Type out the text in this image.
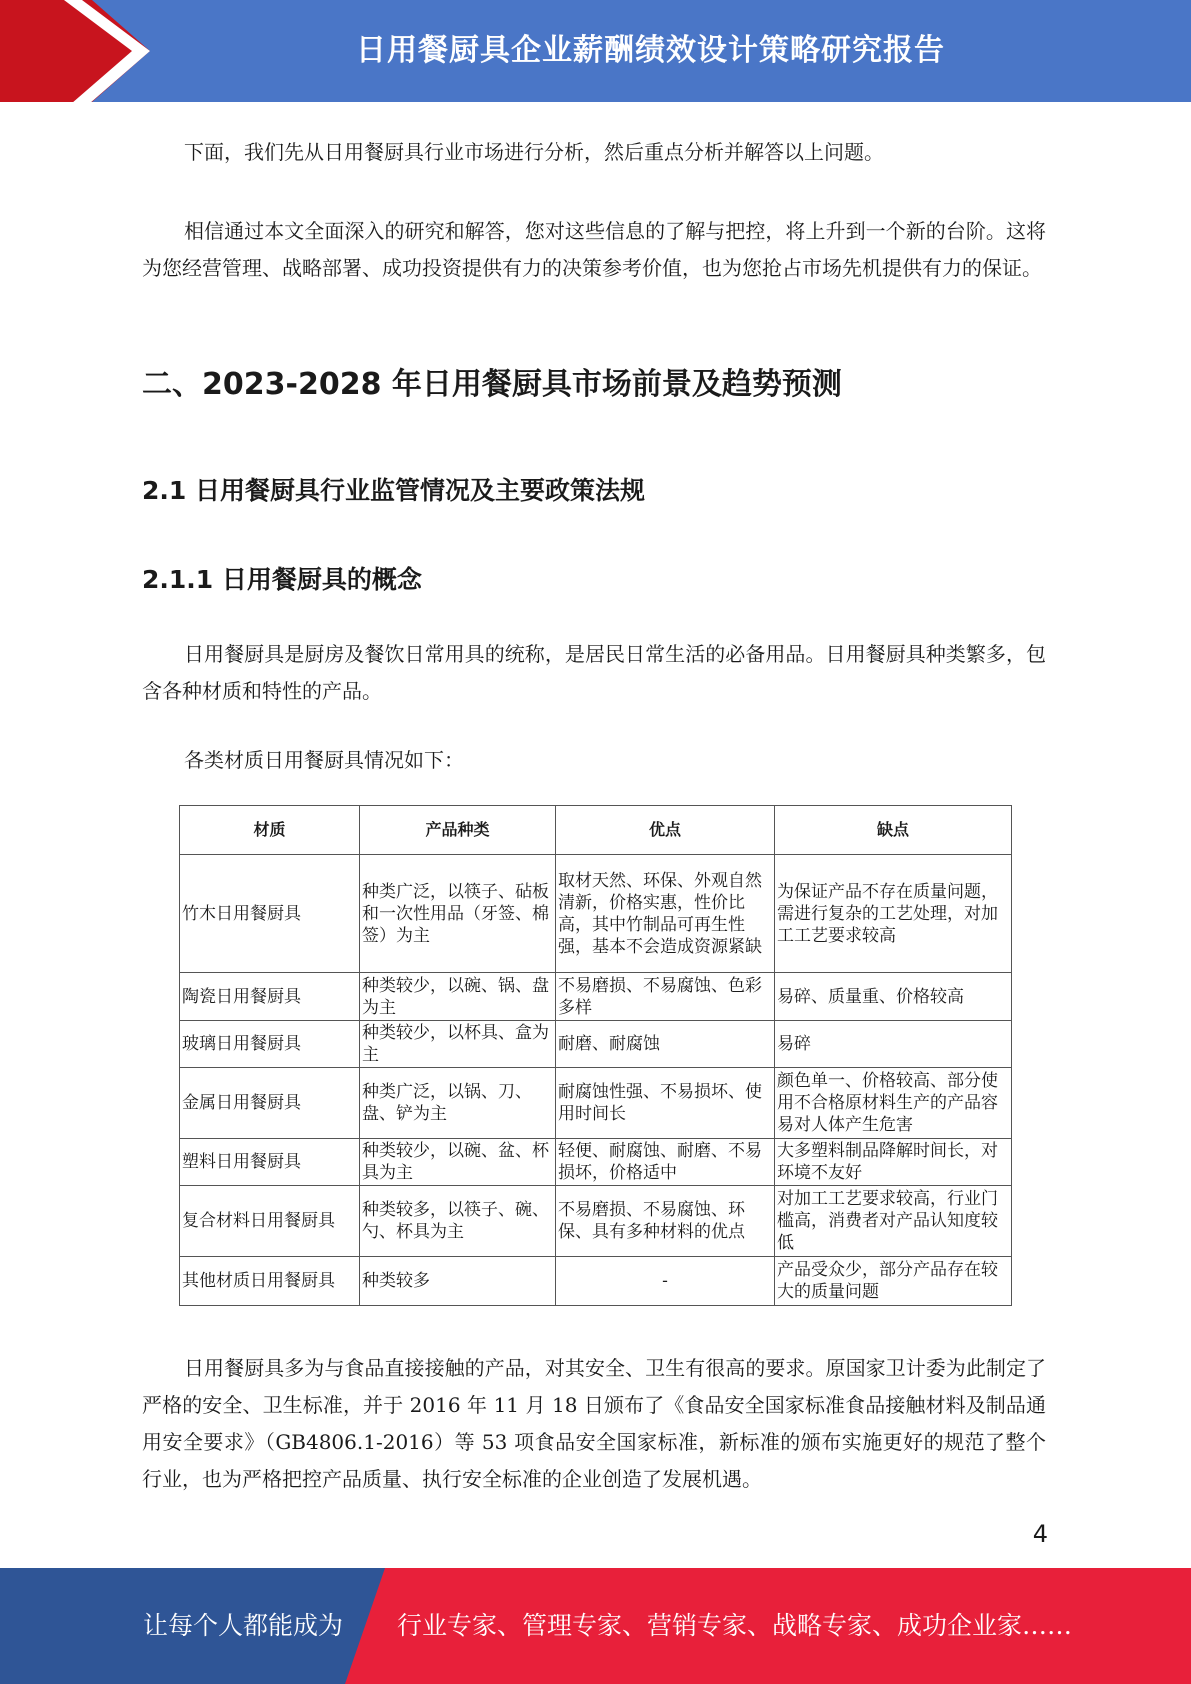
日用餐厨具企业薪酬绩效设计策略研究报告

下面，我们先从日用餐厨具行业市场进行分析，然后重点分析并解答以上问题。

相信通过本文全面深入的研究和解答，您对这些信息的了解与把控，将上升到一个新的台阶。这将为您经营管理、战略部署、成功投资提供有力的决策参考价值，也为您抢占市场先机提供有力的保证。

二、2023-2028 年日用餐厨具市场前景及趋势预测
2.1 日用餐厨具行业监管情况及主要政策法规
2.1.1 日用餐厨具的概念

日用餐厨具是厨房及餐饮日常用具的统称，是居民日常生活的必备用品。日用餐厨具种类繁多，包含各种材质和特性的产品。

各类材质日用餐厨具情况如下：

日用餐厨具多为与食品直接接触的产品，对其安全、卫生有很高的要求。原国家卫计委为此制定了严格的安全、卫生标准，并于 2016 年 11 月 18 日颁布了《食品安全国家标准食品接触材料及制品通用安全要求》（GB4806.1-2016）等 53 项食品安全国家标准，新标准的颁布实施更好的规范了整个行业，也为严格把控产品质量、执行安全标准的企业创造了发展机遇。

材质	产品种类	优点	缺点
竹木日用餐厨具	种类广泛，以筷子、砧板和一次性用品（牙签、棉签）为主	取材天然、环保、外观自然清新，价格实惠，性价比高，其中竹制品可再生性强，基本不会造成资源紧缺	为保证产品不存在质量问题，需进行复杂的工艺处理，对加工工艺要求较高
陶瓷日用餐厨具	种类较少，以碗、锅、盘为主	不易磨损、不易腐蚀、色彩多样	易碎、质量重、价格较高
玻璃日用餐厨具	种类较少，以杯具、盒为主	耐磨、耐腐蚀	易碎
金属日用餐厨具	种类广泛，以锅、刀、盘、铲为主	耐腐蚀性强、不易损坏、使用时间长	颜色单一、价格较高、部分使用不合格原材料生产的产品容易对人体产生危害
塑料日用餐厨具	种类较少，以碗、盆、杯具为主	轻便、耐腐蚀、耐磨、不易损坏，价格适中	大多塑料制品降解时间长，对环境不友好
复合材料日用餐厨具	种类较多，以筷子、碗、勺、杯具为主	不易磨损、不易腐蚀、环保、具有多种材料的优点	对加工工艺要求较高，行业门槛高，消费者对产品认知度较低
其他材质日用餐厨具	种类较多	-	产品受众少，部分产品存在较大的质量问题
4
让每个人都能成为 行业专家、管理专家、营销专家、战略专家、成功企业家……
